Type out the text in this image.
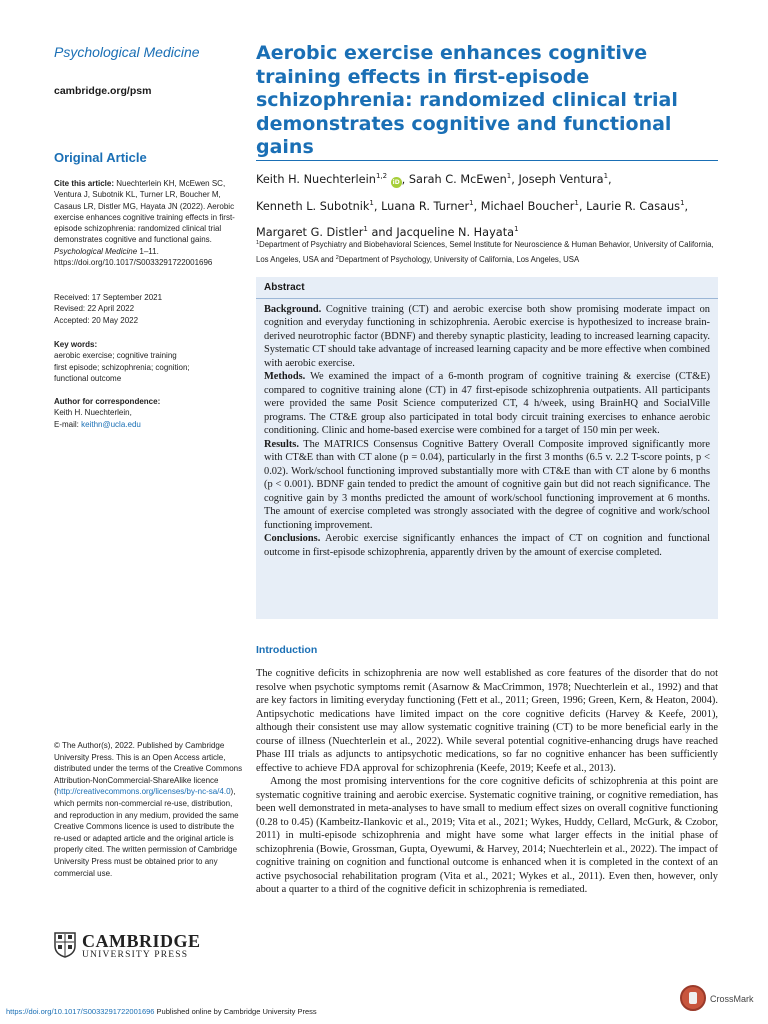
Psychological Medicine
cambridge.org/psm
Original Article
Cite this article: Nuechterlein KH, McEwen SC, Ventura J, Subotnik KL, Turner LR, Boucher M, Casaus LR, Distler MG, Hayata JN (2022). Aerobic exercise enhances cognitive training effects in first-episode schizophrenia: randomized clinical trial demonstrates cognitive and functional gains. Psychological Medicine 1–11. https://doi.org/10.1017/S0033291722001696
Received: 17 September 2021
Revised: 22 April 2022
Accepted: 20 May 2022
Key words:
aerobic exercise; cognitive training
first episode; schizophrenia; cognition;
functional outcome
Author for correspondence:
Keith H. Nuechterlein,
E-mail: keithn@ucla.edu
© The Author(s), 2022. Published by Cambridge University Press. This is an Open Access article, distributed under the terms of the Creative Commons Attribution-NonCommercial-ShareAlike licence (http://creativecommons.org/licenses/by-nc-sa/4.0), which permits non-commercial re-use, distribution, and reproduction in any medium, provided the same Creative Commons licence is used to distribute the re-used or adapted article and the original article is properly cited. The written permission of Cambridge University Press must be obtained prior to any commercial use.
CAMBRIDGE
UNIVERSITY PRESS
Aerobic exercise enhances cognitive training effects in first-episode schizophrenia: randomized clinical trial demonstrates cognitive and functional gains
Keith H. Nuechterlein$^{1,2}$ iD , Sarah C. McEwen$^1$, Joseph Ventura$^1$,
Kenneth L. Subotnik$^1$, Luana R. Turner$^1$, Michael Boucher$^1$, Laurie R. Casaus$^1$,
Margaret G. Distler$^1$ and Jacqueline N. Hayata$^1$
$^1$Department of Psychiatry and Biobehavioral Sciences, Semel Institute for Neuroscience & Human Behavior, University of California, Los Angeles, USA and $^2$Department of Psychology, University of California, Los Angeles, USA
Abstract

Background. Cognitive training (CT) and aerobic exercise both show promising moderate impact on cognition and everyday functioning in schizophrenia. Aerobic exercise is hypothesized to increase brain-derived neurotrophic factor (BDNF) and thereby synaptic plasticity, leading to increased learning capacity. Systematic CT should take advantage of increased learning capacity and be more effective when combined with aerobic exercise.

Methods. We examined the impact of a 6-month program of cognitive training & exercise (CT&E) compared to cognitive training alone (CT) in 47 first-episode schizophrenia outpatients. All participants were provided the same Posit Science computerized CT, 4 h/week, using BrainHQ and SocialVille programs. The CT&E group also participated in total body circuit training exercises to enhance aerobic conditioning. Clinic and home-based exercise were combined for a target of 150 min per week.

Results. The MATRICS Consensus Cognitive Battery Overall Composite improved significantly more with CT&E than with CT alone (p = 0.04), particularly in the first 3 months (6.5 v. 2.2 T-score points, p < 0.02). Work/school functioning improved substantially more with CT&E than with CT alone by 6 months (p < 0.001). BDNF gain tended to predict the amount of cognitive gain but did not reach significance. The cognitive gain by 3 months predicted the amount of work/school functioning improvement at 6 months. The amount of exercise completed was strongly associated with the degree of cognitive and work/school functioning improvement.

Conclusions. Aerobic exercise significantly enhances the impact of CT on cognition and functional outcome in first-episode schizophrenia, apparently driven by the amount of exercise completed.

Introduction

The cognitive deficits in schizophrenia are now well established as core features of the disorder that do not resolve when psychotic symptoms remit (Asarnow & MacCrimmon, 1978; Nuechterlein et al., 1992) and that are key factors in limiting everyday functioning (Fett et al., 2011; Green, 1996; Green, Kern, & Heaton, 2004). Antipsychotic medications have limited impact on the core cognitive deficits (Harvey & Keefe, 2001), although their consistent use may allow systematic cognitive training (CT) to be more beneficial early in the course of illness (Nuechterlein et al., 2022). While several potential cognitive-enhancing drugs have reached Phase III trials as adjuncts to antipsychotic medications, so far no cognitive enhancer has been sufficiently effective to achieve FDA approval for schizophrenia (Keefe, 2019; Keefe et al., 2013).

Among the most promising interventions for the core cognitive deficits of schizophrenia at this point are systematic cognitive training and aerobic exercise. Systematic cognitive training, or cognitive remediation, has been well demonstrated in meta-analyses to have small to medium effect sizes on overall cognitive functioning (0.28 to 0.45) (Kambeitz-Ilankovic et al., 2019; Vita et al., 2021; Wykes, Huddy, Cellard, McGurk, & Czobor, 2011) in multi-episode schizophrenia and might have some what larger effects in the initial phase of schizophrenia (Bowie, Grossman, Gupta, Oyewumi, & Harvey, 2014; Nuechterlein et al., 2022). The impact of cognitive training on cognition and functional outcome is enhanced when it is completed in the context of an active psychosocial rehabilitation program (Vita et al., 2021; Wykes et al., 2011). Even then, however, only about a quarter to a third of the cognitive deficit in schizophrenia is remediated.

https://doi.org/10.1017/S0033291722001696 Published online by Cambridge University Press
CrossMark
